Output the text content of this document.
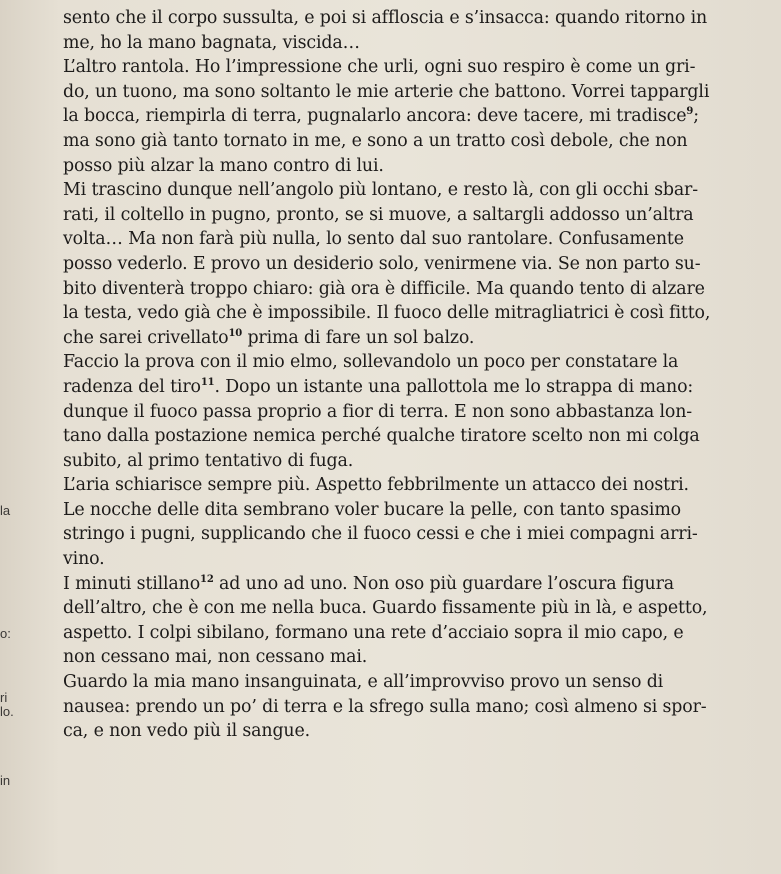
sento che il corpo sussulta, e poi si affloscia e s’insacca: quando ritorno in
me, ho la mano bagnata, viscida…
L’altro rantola. Ho l’impressione che urli, ogni suo respiro è come un gri-
do, un tuono, ma sono soltanto le mie arterie che battono. Vorrei tappargli
la bocca, riempirla di terra, pugnalarlo ancora: deve tacere, mi tradisce$^9$;
ma sono già tanto tornato in me, e sono a un tratto così debole, che non
posso più alzar la mano contro di lui.
Mi trascino dunque nell’angolo più lontano, e resto là, con gli occhi sbar-
rati, il coltello in pugno, pronto, se si muove, a saltargli addosso un’altra
volta… Ma non farà più nulla, lo sento dal suo rantolare. Confusamente
posso vederlo. E provo un desiderio solo, venirmene via. Se non parto su-
bito diventerà troppo chiaro: già ora è difficile. Ma quando tento di alzare
la testa, vedo già che è impossibile. Il fuoco delle mitragliatrici è così fitto,
che sarei crivellato$^{10}$ prima di fare un sol balzo.
Faccio la prova con il mio elmo, sollevandolo un poco per constatare la
radenza del tiro$^{11}$. Dopo un istante una pallottola me lo strappa di mano:
dunque il fuoco passa proprio a fior di terra. E non sono abbastanza lon-
tano dalla postazione nemica perché qualche tiratore scelto non mi colga
subito, al primo tentativo di fuga.
L’aria schiarisce sempre più. Aspetto febbrilmente un attacco dei nostri.
Le nocche delle dita sembrano voler bucare la pelle, con tanto spasimo
stringo i pugni, supplicando che il fuoco cessi e che i miei compagni arri-
vino.
I minuti stillano$^{12}$ ad uno ad uno. Non oso più guardare l’oscura figura
dell’altro, che è con me nella buca. Guardo fissamente più in là, e aspetto,
aspetto. I colpi sibilano, formano una rete d’acciaio sopra il mio capo, e
non cessano mai, non cessano mai.
Guardo la mia mano insanguinata, e all’improvviso provo un senso di
nausea: prendo un po’ di terra e la sfrego sulla mano; così almeno si spor-
ca, e non vedo più il sangue.
la
o:
ri
lo.
in
